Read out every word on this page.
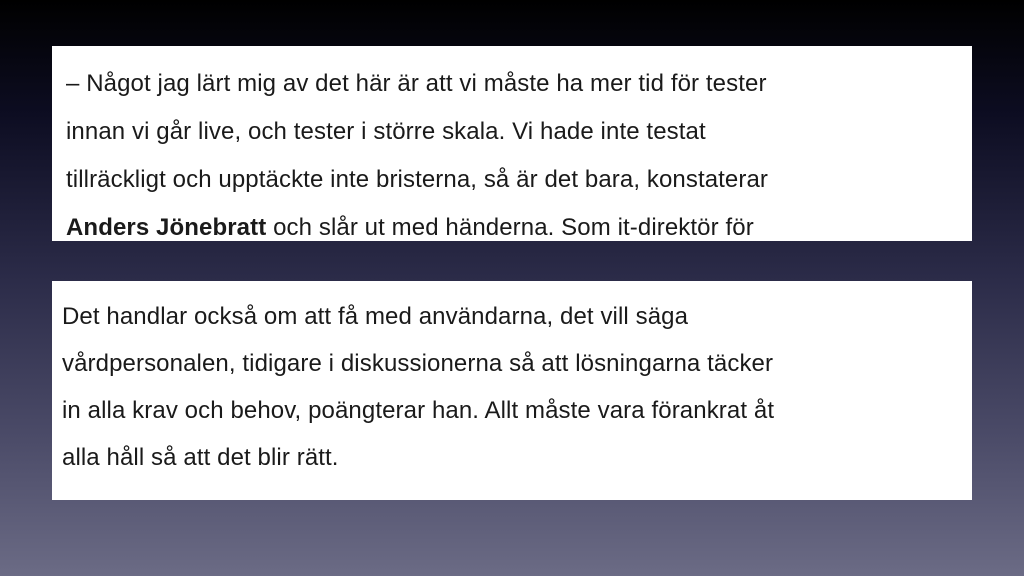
– Något jag lärt mig av det här är att vi måste ha mer tid för tester
innan vi går live, och tester i större skala. Vi hade inte testat
tillräckligt och upptäckte inte bristerna, så är det bara, konstaterar
Anders Jönebratt och slår ut med händerna. Som it-direktör för
Det handlar också om att få med användarna, det vill säga
vårdpersonalen, tidigare i diskussionerna så att lösningarna täcker
in alla krav och behov, poängterar han. Allt måste vara förankrat åt
alla håll så att det blir rätt.
